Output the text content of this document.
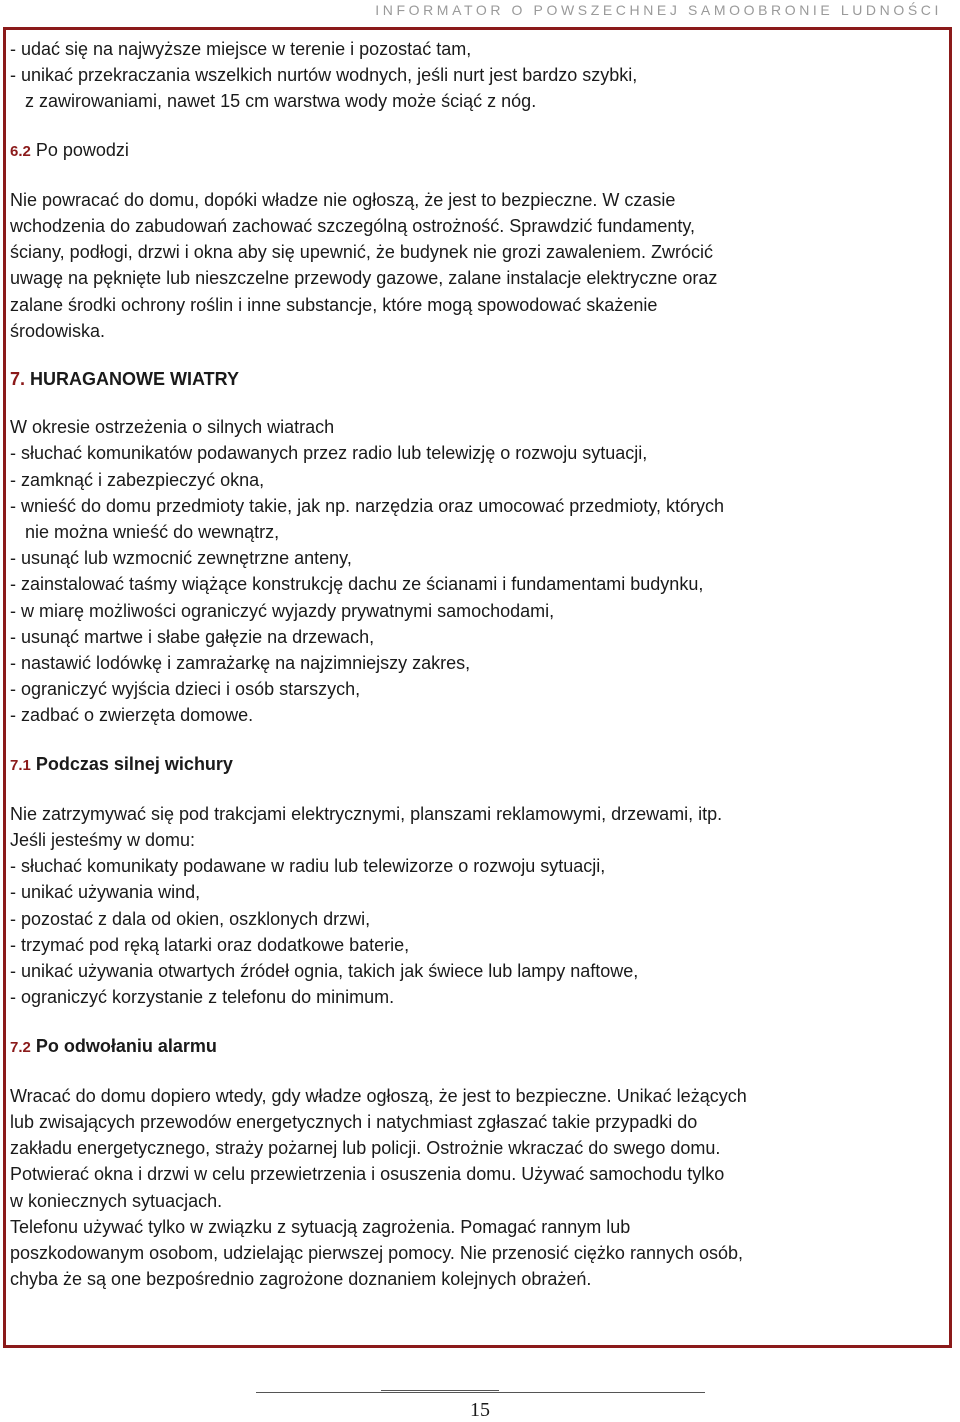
INFORMATOR O POWSZECHNEJ SAMOOBRONIE LUDNOŚCI
- udać się na najwyższe miejsce w terenie i pozostać tam,
- unikać przekraczania wszelkich nurtów wodnych, jeśli nurt jest bardzo szybki,
z zawirowaniami, nawet 15 cm warstwa wody może ściąć z nóg.
6.2 Po powodzi
Nie powracać do domu, dopóki władze nie ogłoszą, że jest to bezpieczne. W czasie
wchodzenia do zabudowań zachować szczególną ostrożność. Sprawdzić fundamenty,
ściany, podłogi, drzwi i okna aby się upewnić, że budynek nie grozi zawaleniem. Zwrócić
uwagę na pęknięte lub nieszczelne przewody gazowe, zalane instalacje elektryczne oraz
zalane środki ochrony roślin i inne substancje, które mogą spowodować skażenie
środowiska.
7. HURAGANOWE WIATRY
W okresie ostrzeżenia o silnych wiatrach
- słuchać komunikatów podawanych przez radio lub telewizję o rozwoju sytuacji,
- zamknąć i zabezpieczyć okna,
- wnieść do domu przedmioty takie, jak np. narzędzia oraz umocować przedmioty, których
nie można wnieść do wewnątrz,
- usunąć lub wzmocnić zewnętrzne anteny,
- zainstalować taśmy wiążące konstrukcję dachu ze ścianami i fundamentami budynku,
- w miarę możliwości ograniczyć wyjazdy prywatnymi samochodami,
- usunąć martwe i słabe gałęzie na drzewach,
- nastawić lodówkę i zamrażarkę na najzimniejszy zakres,
- ograniczyć wyjścia dzieci i osób starszych,
- zadbać o zwierzęta domowe.
7.1 Podczas silnej wichury
Nie zatrzymywać się pod trakcjami elektrycznymi, planszami reklamowymi, drzewami, itp.
Jeśli jesteśmy w domu:
- słuchać komunikaty podawane w radiu lub telewizorze o rozwoju sytuacji,
- unikać używania wind,
- pozostać z dala od okien, oszklonych drzwi,
- trzymać pod ręką latarki oraz dodatkowe baterie,
- unikać używania otwartych źródeł ognia, takich jak świece lub lampy naftowe,
- ograniczyć korzystanie z telefonu do minimum.
7.2 Po odwołaniu alarmu
Wracać do domu dopiero wtedy, gdy władze ogłoszą, że jest to bezpieczne. Unikać leżących
lub zwisających przewodów energetycznych i natychmiast zgłaszać takie przypadki do
zakładu energetycznego, straży pożarnej lub policji. Ostrożnie wkraczać do swego domu.
Potwierać okna i drzwi w celu przewietrzenia i osuszenia domu. Używać samochodu tylko
w koniecznych sytuacjach.
Telefonu używać tylko w związku z sytuacją zagrożenia. Pomagać rannym lub
poszkodowanym osobom, udzielając pierwszej pomocy. Nie przenosić ciężko rannych osób,
chyba że są one bezpośrednio zagrożone doznaniem kolejnych obrażeń.
15
